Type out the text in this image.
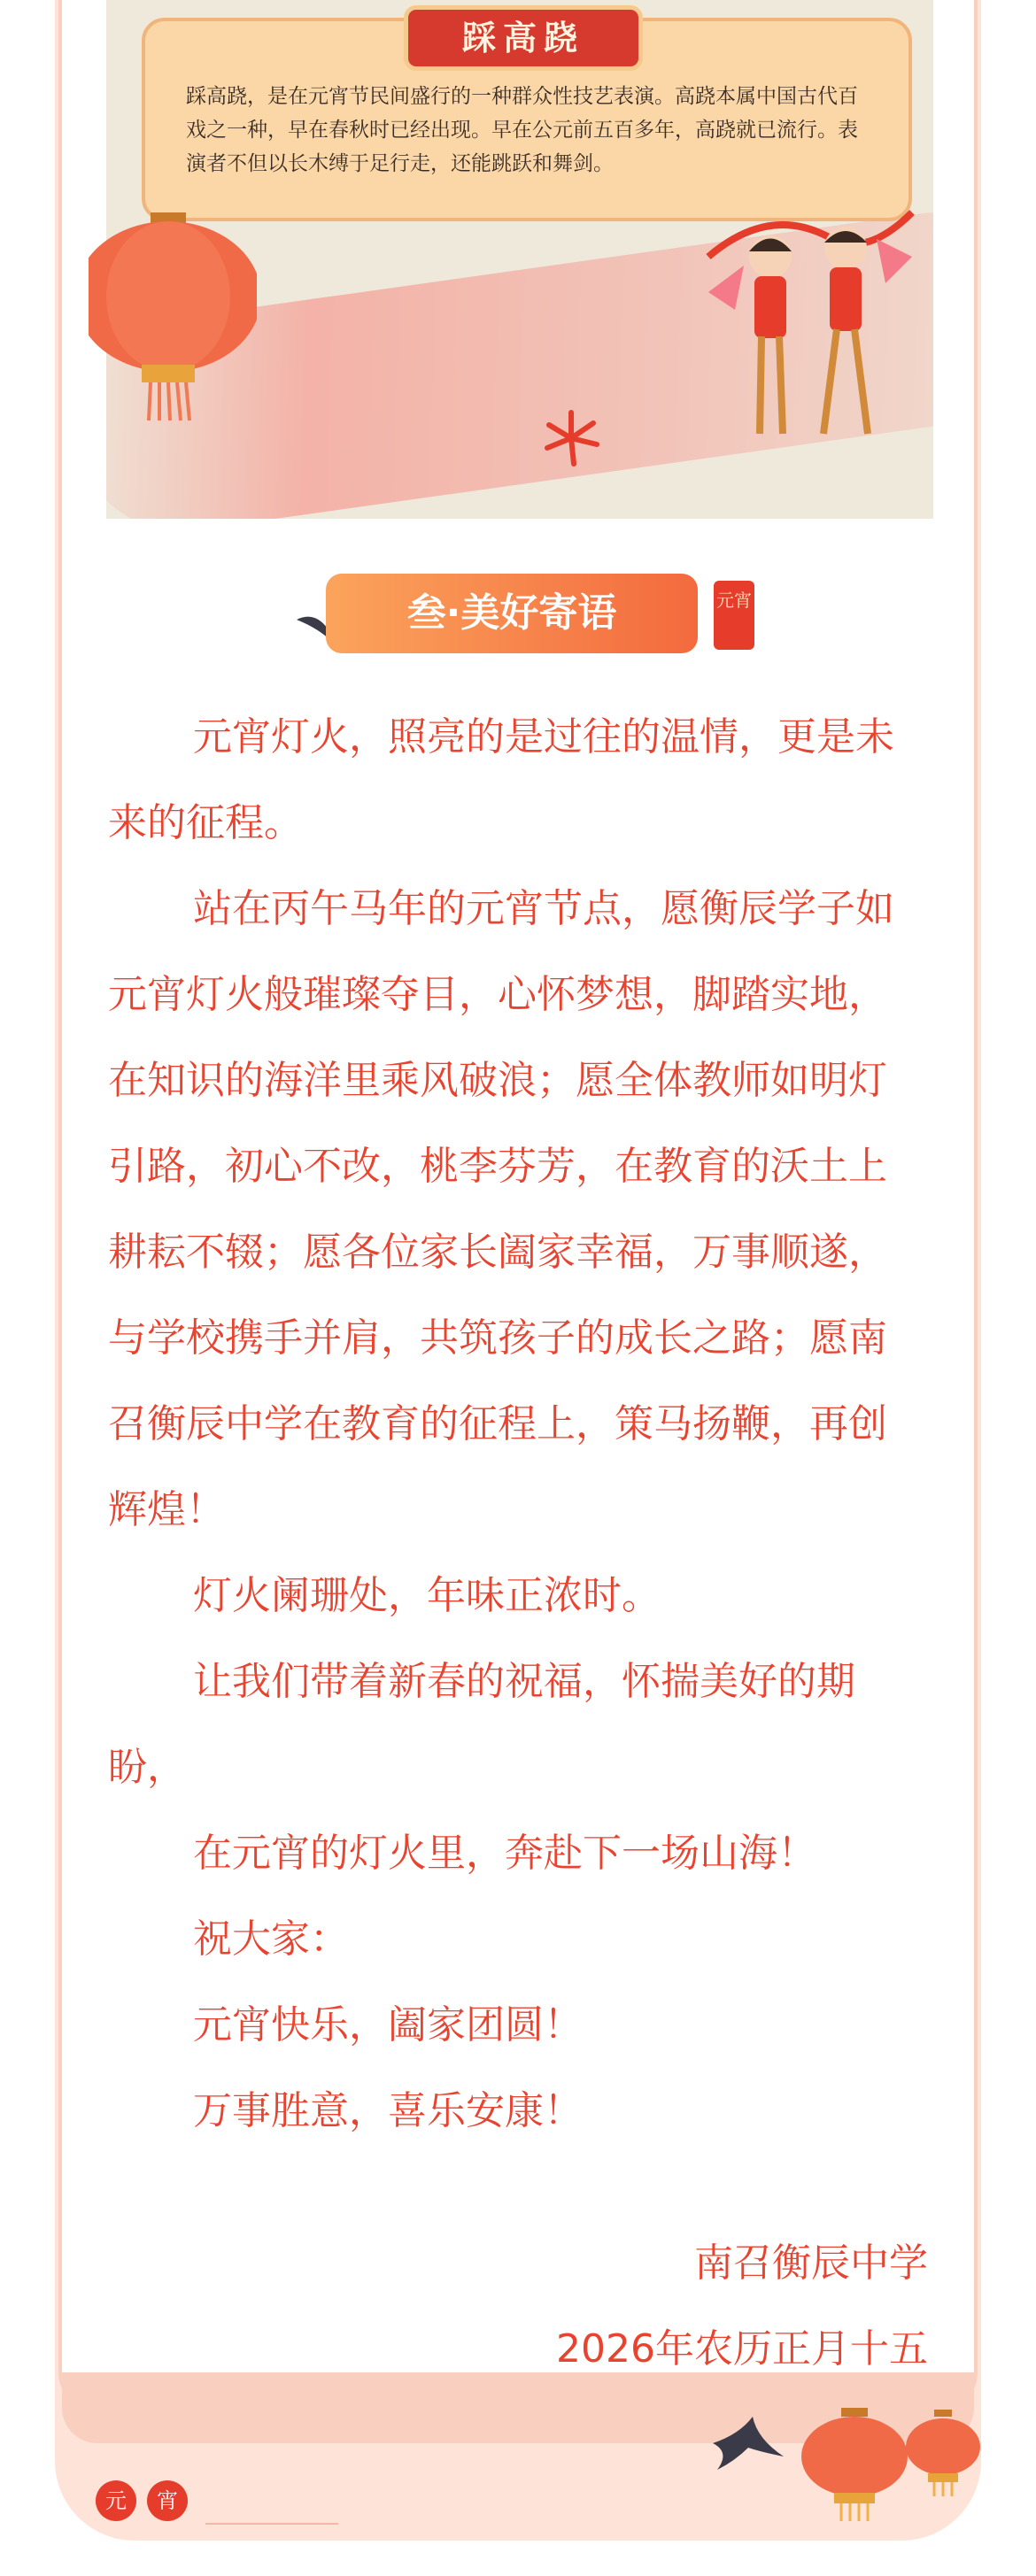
踩高跷
踩高跷，是在元宵节民间盛行的一种群众性技艺表演。高跷本属中国古代百戏之一种，早在春秋时已经出现。早在公元前五百多年，高跷就已流行。表演者不但以长木缚于足行走，还能跳跃和舞剑。
叁·美好寄语	元宵

元宵灯火，照亮的是过往的温情，更是未来的征程。

站在丙午马年的元宵节点，愿衡辰学子如元宵灯火般璀璨夺目，心怀梦想，脚踏实地，在知识的海洋里乘风破浪；愿全体教师如明灯引路，初心不改，桃李芬芳，在教育的沃土上耕耘不辍；愿各位家长阖家幸福，万事顺遂，与学校携手并肩，共筑孩子的成长之路；愿南召衡辰中学在教育的征程上，策马扬鞭，再创辉煌！

灯火阑珊处，年味正浓时。

让我们带着新春的祝福，怀揣美好的期盼，

在元宵的灯火里，奔赴下一场山海！

祝大家：

元宵快乐，阖家团圆！

万事胜意，喜乐安康！

南召衡辰中学
2026年农历正月十五
元	宵
